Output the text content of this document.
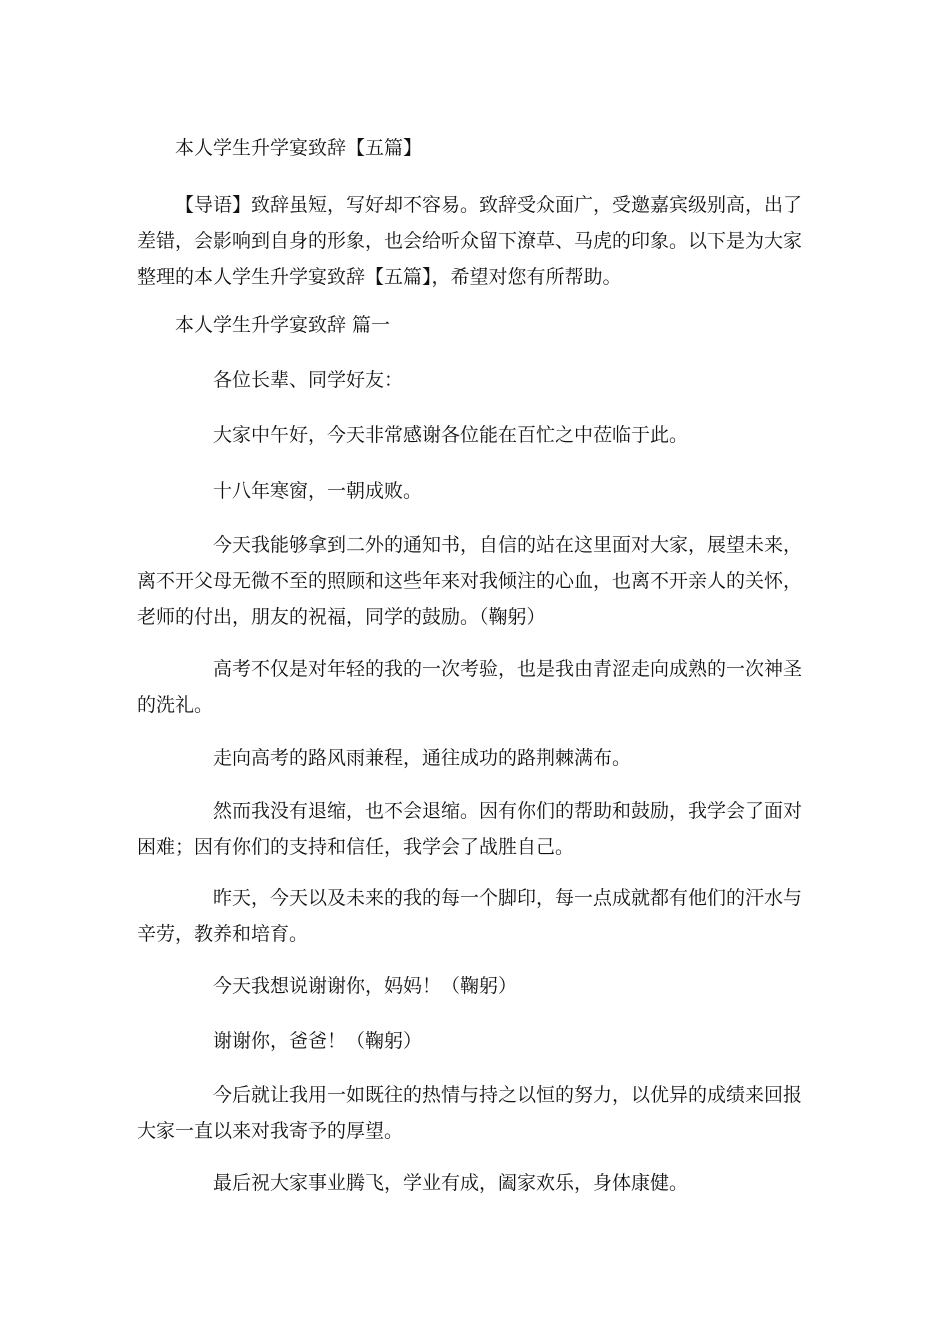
本人学生升学宴致辞【五篇】

【导语】致辞虽短，写好却不容易。致辞受众面广，受邀嘉宾级别高，出了

差错，会影响到自身的形象，也会给听众留下潦草、马虎的印象。以下是为大家

整理的本人学生升学宴致辞【五篇】，希望对您有所帮助。

本人学生升学宴致辞 篇一

各位长辈、同学好友：

大家中午好，今天非常感谢各位能在百忙之中莅临于此。

十八年寒窗，一朝成败。

今天我能够拿到二外的通知书，自信的站在这里面对大家，展望未来，

离不开父母无微不至的照顾和这些年来对我倾注的心血，也离不开亲人的关怀，

老师的付出，朋友的祝福，同学的鼓励。（鞠躬）

高考不仅是对年轻的我的一次考验，也是我由青涩走向成熟的一次神圣

的洗礼。

走向高考的路风雨兼程，通往成功的路荆棘满布。

然而我没有退缩，也不会退缩。因有你们的帮助和鼓励，我学会了面对

困难；因有你们的支持和信任，我学会了战胜自己。

昨天，今天以及未来的我的每一个脚印，每一点成就都有他们的汗水与

辛劳，教养和培育。

今天我想说谢谢你，妈妈！（鞠躬）

谢谢你，爸爸！（鞠躬）

今后就让我用一如既往的热情与持之以恒的努力，以优异的成绩来回报

大家一直以来对我寄予的厚望。

最后祝大家事业腾飞，学业有成，阖家欢乐，身体康健。
